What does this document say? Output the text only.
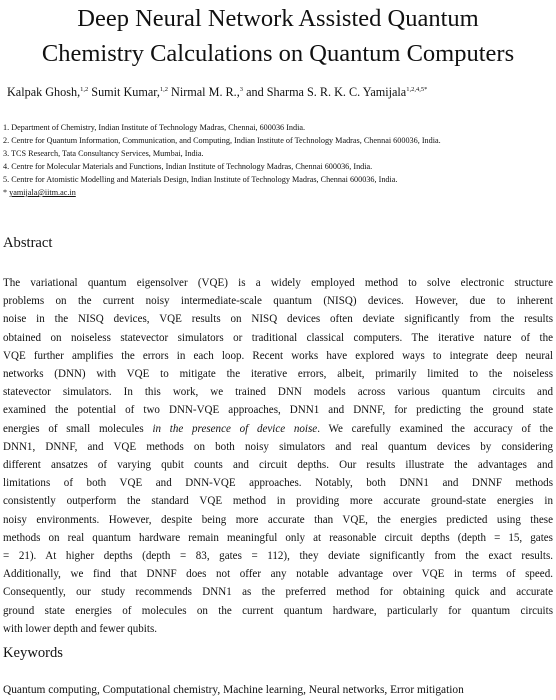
Deep Neural Network Assisted Quantum
Chemistry Calculations on Quantum Computers
Kalpak Ghosh,$^{1,2}$ Sumit Kumar,$^{1,2}$ Nirmal M. R.,$^3$ and Sharma S. R. K. C. Yamijala$^{1,2,4,5*}$
1. Department of Chemistry, Indian Institute of Technology Madras, Chennai, 600036 India.
2. Centre for Quantum Information, Communication, and Computing, Indian Institute of Technology Madras, Chennai 600036, India.
3. TCS Research, Tata Consultancy Services, Mumbai, India.
4. Centre for Molecular Materials and Functions, Indian Institute of Technology Madras, Chennai 600036, India.
5. Centre for Atomistic Modelling and Materials Design, Indian Institute of Technology Madras, Chennai 600036, India.
* yamijala@iitm.ac.in
Abstract
The variational quantum eigensolver (VQE) is a widely employed method to solve electronic structure
problems on the current noisy intermediate-scale quantum (NISQ) devices. However, due to inherent
noise in the NISQ devices, VQE results on NISQ devices often deviate significantly from the results
obtained on noiseless statevector simulators or traditional classical computers. The iterative nature of the
VQE further amplifies the errors in each loop. Recent works have explored ways to integrate deep neural
networks (DNN) with VQE to mitigate the iterative errors, albeit, primarily limited to the noiseless
statevector simulators. In this work, we trained DNN models across various quantum circuits and
examined the potential of two DNN-VQE approaches, DNN1 and DNNF, for predicting the ground state
energies of small molecules in the presence of device noise. We carefully examined the accuracy of the
DNN1, DNNF, and VQE methods on both noisy simulators and real quantum devices by considering
different ansatzes of varying qubit counts and circuit depths. Our results illustrate the advantages and
limitations of both VQE and DNN-VQE approaches. Notably, both DNN1 and DNNF methods
consistently outperform the standard VQE method in providing more accurate ground-state energies in
noisy environments. However, despite being more accurate than VQE, the energies predicted using these
methods on real quantum hardware remain meaningful only at reasonable circuit depths (depth = 15, gates
= 21). At higher depths (depth = 83, gates = 112), they deviate significantly from the exact results.
Additionally, we find that DNNF does not offer any notable advantage over VQE in terms of speed.
Consequently, our study recommends DNN1 as the preferred method for obtaining quick and accurate
ground state energies of molecules on the current quantum hardware, particularly for quantum circuits
with lower depth and fewer qubits.
Keywords
Quantum computing, Computational chemistry, Machine learning, Neural networks, Error mitigation
